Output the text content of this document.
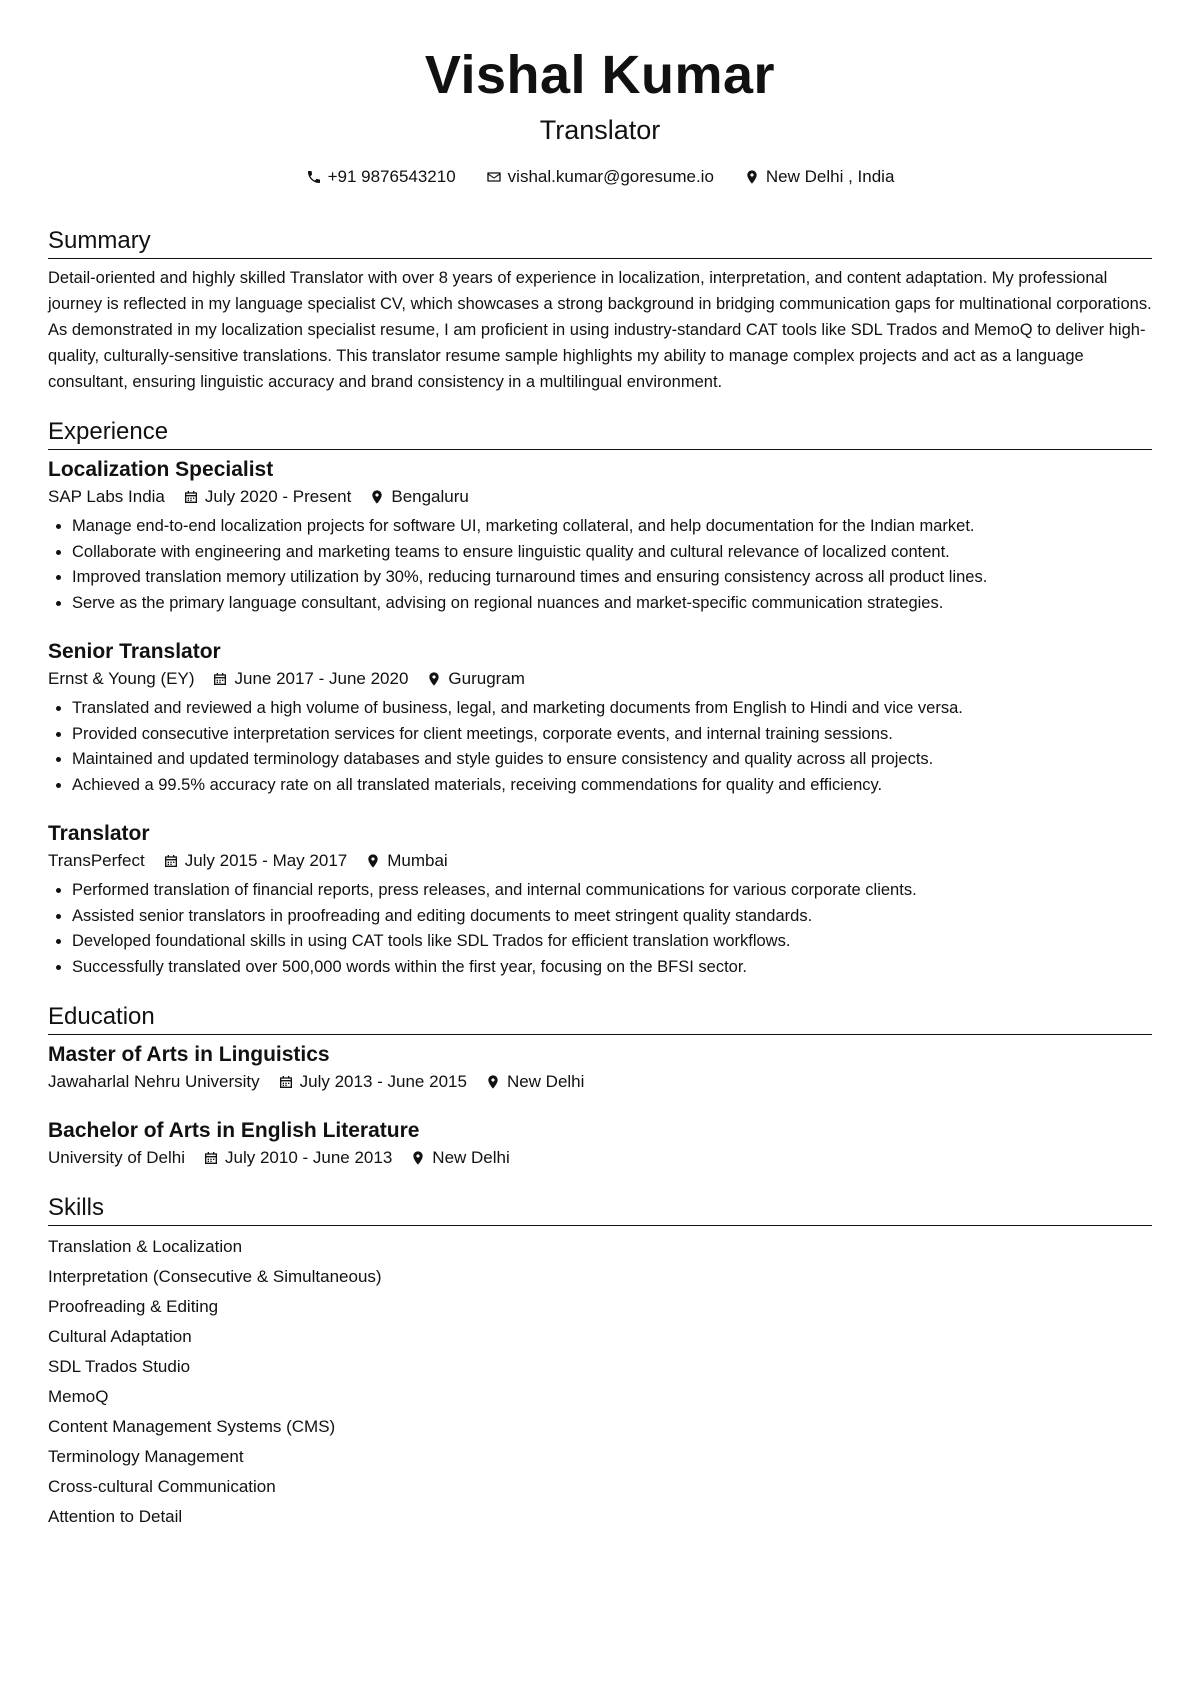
Vishal Kumar
Translator
+91 9876543210	vishal.kumar@goresume.io	New Delhi , India
Summary

Detail-oriented and highly skilled Translator with over 8 years of experience in localization, interpretation, and content adaptation. My professional journey is reflected in my language specialist CV, which showcases a strong background in bridging communication gaps for multinational corporations. As demonstrated in my localization specialist resume, I am proficient in using industry-standard CAT tools like SDL Trados and MemoQ to deliver high-quality, culturally-sensitive translations. This translator resume sample highlights my ability to manage complex projects and act as a language consultant, ensuring linguistic accuracy and brand consistency in a multilingual environment.

Experience
Localization Specialist
SAP Labs India July 2020 - Present Bengaluru
• Manage end-to-end localization projects for software UI, marketing collateral, and help documentation for the Indian market.
• Collaborate with engineering and marketing teams to ensure linguistic quality and cultural relevance of localized content.
• Improved translation memory utilization by 30%, reducing turnaround times and ensuring consistency across all product lines.
• Serve as the primary language consultant, advising on regional nuances and market-specific communication strategies.
Senior Translator
Ernst & Young (EY) June 2017 - June 2020 Gurugram
• Translated and reviewed a high volume of business, legal, and marketing documents from English to Hindi and vice versa.
• Provided consecutive interpretation services for client meetings, corporate events, and internal training sessions.
• Maintained and updated terminology databases and style guides to ensure consistency and quality across all projects.
• Achieved a 99.5% accuracy rate on all translated materials, receiving commendations for quality and efficiency.
Translator
TransPerfect July 2015 - May 2017 Mumbai
• Performed translation of financial reports, press releases, and internal communications for various corporate clients.
• Assisted senior translators in proofreading and editing documents to meet stringent quality standards.
• Developed foundational skills in using CAT tools like SDL Trados for efficient translation workflows.
• Successfully translated over 500,000 words within the first year, focusing on the BFSI sector.
Education
Master of Arts in Linguistics
Jawaharlal Nehru University July 2013 - June 2015 New Delhi
Bachelor of Arts in English Literature
University of Delhi July 2010 - June 2013 New Delhi
Skills
Translation & Localization
Interpretation (Consecutive & Simultaneous)
Proofreading & Editing
Cultural Adaptation
SDL Trados Studio
MemoQ
Content Management Systems (CMS)
Terminology Management
Cross-cultural Communication
Attention to Detail
